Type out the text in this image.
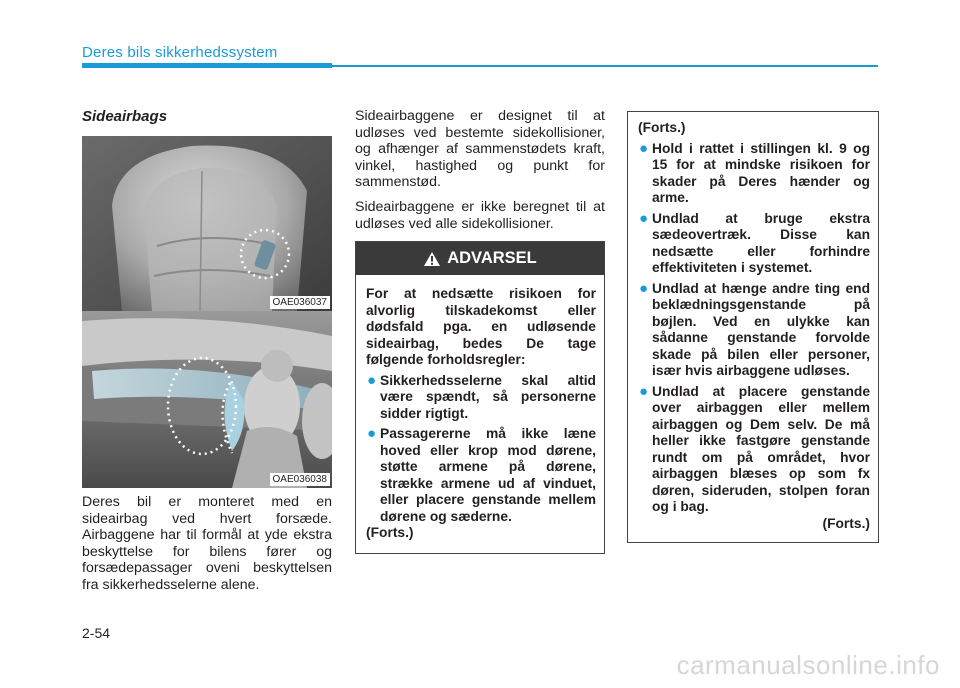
Deres bils sikkerhedssystem
Sideairbags
OAE036037
OAE036038

Deres bil er monteret med en sideairbag ved hvert forsæde. Airbaggene har til formål at yde ekstra beskyttelse for bilens fører og forsædepassager oveni beskyttelsen fra sikkerhedsselerne alene.

Sideairbaggene er designet til at udløses ved bestemte sidekollisioner, og afhænger af sammenstødets kraft, vinkel, hastighed og punkt for sammenstød.

Sideairbaggene er ikke beregnet til at udløses ved alle sidekollisioner.

ADVARSEL

For at nedsætte risikoen for alvorlig tilskadekomst eller dødsfald pga. en udløsende sideairbag, bedes De tage følgende forholdsregler:

● Sikkerhedsselerne skal altid være spændt, så personerne sidder rigtigt.
● Passagererne må ikke læne hoved eller krop mod dørene, støtte armene på dørene, strække armene ud af vinduet, eller placere genstande mellem dørene og sæderne.

(Forts.)

(Forts.)

● Hold i rattet i stillingen kl. 9 og 15 for at mindske risikoen for skader på Deres hænder og arme.
● Undlad at bruge ekstra sædeovertræk. Disse kan nedsætte eller forhindre effektiviteten i systemet.
● Undlad at hænge andre ting end beklædningsgenstande på bøjlen. Ved en ulykke kan sådanne genstande forvolde skade på bilen eller personer, især hvis airbaggene udløses.
● Undlad at placere genstande over airbaggen eller mellem airbaggen og Dem selv. De må heller ikke fastgøre genstande rundt om på området, hvor airbaggen blæses op som fx døren, sideruden, stolpen foran og i bag.

(Forts.)

2-54
carmanualsonline.info
